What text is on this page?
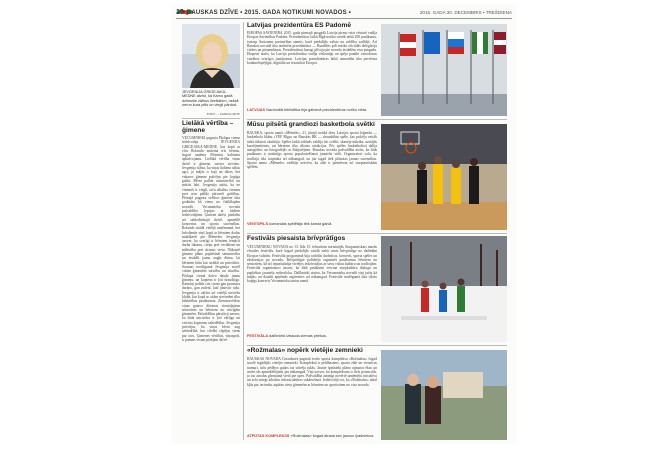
10 BAUSKAS DZĪVE • 2015. GADA NOTIKUMI NOVADOS •	2015. GADA 30. DECEMBRIS • TREŠDIENA
JEVGENIJA GRIGEJAKA-MEDNE atzīst, ka Kamo gadā dzimušie zātšus ilvelkšiem, neksē nerun kura pēls un viegli pārdod.
FOTO — ZANDA OKTE
Lielākā vērtība – ģimene

VECUMNIEKI pagasta Pārlupa ciema iedzīvotāja JEVGENIJA GRIGEJAKA-MEDNE, kas kopā ar vīru Rolandu audzina trīs bērnus, šogad saņēma Ministru kabineta apbalvojumu. Lielākā vērtība viņas dzīvē ir ģimene, uzsver sieviete. Jevgenija stāsta, ka viņas ikdiena sākas agri, jo mājās ir lopi un dārzs, bet vakaros ģimene pulcējas pie kopīga galda. Bērni palīdz saimniecībā un mācās labi. Jevgenija atzīst, ka ne vienmēr ir viegli, taču atbalsts vienam pret otru palīdz pārvarēt grūtības. Pērnajā pagasta svētkos ģimene tika godināta kā viena no čaklākajām novadā. Vecumnieku novada pašvaldība lepojas ar tādiem iedzīvotājiem. Ģimene aktīvi piedalās arī sabiedriskajā dzīvē, apmeklē koncertus un sporta sacensības. Rolands strādā vietējā uzņēmumā, bet brīvdienās viņš kopā ar bērniem dodas makšķerēt pie Mēmeles. Jevgenija uzsver, ka svarīgi ir bērniem iemācīt darba tikumu, cieņu pret vecākiem un mīlestību pret dzimto vietu. Nākotnē ģimene plāno paplašināt saimniecību un iestādīt jaunu augļu dārzu, lai bērniem būtu kur strādāt un priecāties. Sarunas noslēgumā Jevgenija novēl visām ģimenēm saticību un izturību. Pārlupa ciemā dzīvo daudz jaunu ģimeņu, un kopiena ir ļoti draudzīga. Kaimiņi palīdz cits citam gan pavasara darbos, gan rudenī, kad jānovāc raža. Jevgenija ir aktīva arī vietējā sieviešu klubā, kur kopā ar citām sievietēm rīko labdarības pasākumus. Ziemassvētkos viņas gatavo dāvanas vientuļajiem senioriem un bērniem no trūcīgām ģimenēm. Pašvaldības pārstāvji uzsver, ka šāda iniciatīva ir ļoti vērtīga un veicina kopienas saliedētību. Jevgenija priecājas, ka viņas bērni aug sabiedrībā, kur cilvēki rūpējas viens par otru. Ģimenes vērtības, viņasprāt, ir pamats visam pārējam dzīvē.

Latvijas prezidentūra ES Padomē

EIROPAS SAVIENĪBĀ 2015. gada pirmajā pusgadā Latvija pirmo reizi vēsturē vadīja Eiropas Savienības Padomi. Prezidentūras laikā Rīgā notika vairāk nekā 200 pasākumu, tostarp Austrumu partnerības samits, kurā piedalījās valstu un valdību vadītāji. Arī Bauskas novadā tika atzīmēta prezidentūra — Rundāles pilī notika oficiālās delegāciju vizītes un pieņemšanas. Prezidentūras karogi plīvoja pie novada iestādēm visu pusgadu. Eksperti atzīst, ka Latvija prezidentūru vadīja veiksmīgi un spēja panākt vienošanos vairākos svarīgos jautājumos. Latvijas prezidentūras laikā uzmanība tika pievērsta konkurētspējīgai, digitālai un iesaistītai Eiropai.

LATVIJAS Nacionālā bibliotēka bija galvenā prezidentūras norišu vieta.
Mūsu pilsētā grandiozi basketbola svētki

BAUSKĀ, sporta namā «Mēmele», 21. jūnijā notika divu Latvijas sporta leģendu — basketbola klubu «VEF Rīga» un Bauskas BK — draudzības spēle, kas pulcēja vairāk nekā tūkstoti skatītāju. Spēles laikā tribīnēs valdīja īsti svētki: skanēja mūzika, uzstājās karsējmeitenes, un bērniem tika rīkotas atrakcijas. Pēc spēles basketbolisti dalīja autogrāfus un fotografējās ar līdzjutējiem. Bauskas novada pašvaldība atzīst, ka šāds pasākums ir nozīmīgs sporta popularizēšanai jauniešu vidū. Organizatori sola, ka tradīcija tiks turpināta arī nākamgad, un jau tagad tiek plānotas jaunas sacensības. Sporta nama «Mēmele» vadītājs uzsvēra, ka zāle ir piemērota arī starptautiskām spēlēm.

VENTSPILS komandas spēlētājs tiek karsta galvā.
Festivāls piesaista brīvprātīgos

VECUMNIEKU NOVADA no 13. līdz 15. februārim norisinājās Starptautiskais mazās vēstules festivāls, kurā šogad piedalījās vairāk nekā simts brīvprātīgo no dažādām Eiropas valstīm. Festivāla programmā bija radošās darbnīcas, koncerti, sporta spēles un ekskursijas pa novadu. Brīvprātīgie palīdzēja organizēt pasākumus bērniem un senioriem, kā arī iepazīstināja vietējos iedzīvotājus ar savu valstu kultūru un tradīcijām. Festivāla organizatori uzsver, ka šādi pasākumi veicina starpkultūru dialogu un paplašina jauniešu redzesloku. Dalībnieki atzina, ka Vecumnieku novadā viņi jutās kā mājās, un daudzi apņēmās atgriezties arī nākamgad. Festivāla noslēgumā tika rīkots kopīgs koncerts Vecumnieku tautas namā.

FESTIVĀLA dalībnieki izbauda ziemas priekus.
«Rožmalas» nopērk vietējie zemnieki

BAUSKAS NOVADA Ceraukstes pagastā esošo sporta kompleksu «Rožmalas» šogad izsolē iegādājās vietējie zemnieki. Kompleksā ir peldbaseins, sporta zāle un viesnīcas numuri, taču pēdējos gados tas stāvēja tukšs. Jaunie īpašnieki plāno atjaunot ēkas un atvērt tās apmeklētājiem jau nākamgad. Viņi uzsver, ka kompleksam ir liels potenciāls, jo tas atrodas gleznainā vietā pie upes. Pašvaldība atzinīgi novērtē uzņēmēju iniciatīvu un sola sniegt atbalstu infrastruktūras sakārtošanā. Iedzīvotāji cer, ka «Rožmalas» atkal kļūs par iecienītu atpūtas vietu ģimenēm ar bērniem un sportistiem no visa novada.

ATPŪTAS KOMPLEKSS «Rožmalas» šogad atrada sev jaunus īpašniekus.
